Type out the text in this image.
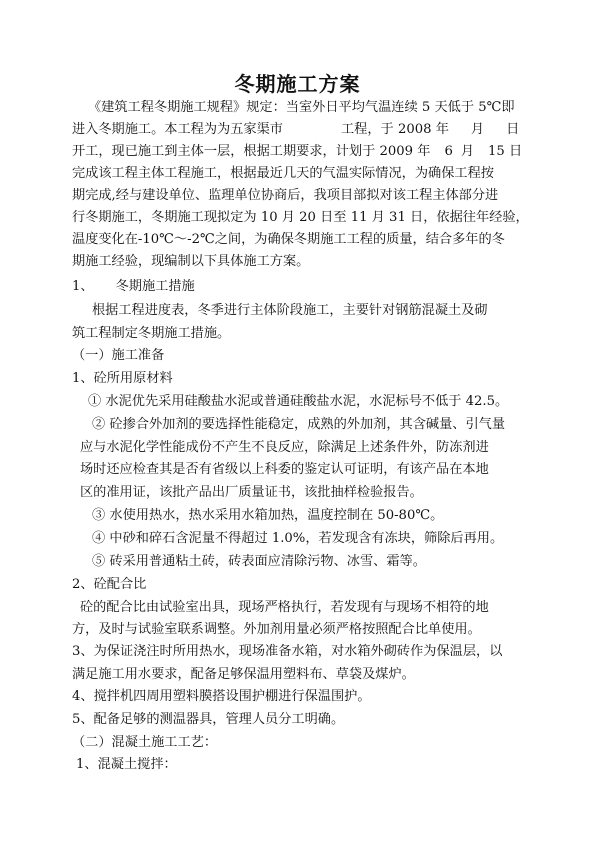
冬期施工方案

《建筑工程冬期施工规程》规定：当室外日平均气温连续 5 天低于 5℃即

进入冬期施工。本工程为为五家渠市	工程，于 2008 年 月 日

开工，现已施工到主体一层，根据工期要求，计划于 2009 年 6 月 15 日

完成该工程主体工程施工，根据最近几天的气温实际情况，为确保工程按

期完成,经与建设单位、监理单位协商后，我项目部拟对该工程主体部分进

行冬期施工，冬期施工现拟定为 10 月 20 日至 11 月 31 日，依据往年经验，

温度变化在-10℃～-2℃之间，为确保冬期施工工程的质量，结合多年的冬

期施工经验，现编制以下具体施工方案。

1、 冬期施工措施

根据工程进度表，冬季进行主体阶段施工，主要针对钢筋混凝土及砌

筑工程制定冬期施工措施。

（一）施工准备

1、砼所用原材料

① 水泥优先采用硅酸盐水泥或普通硅酸盐水泥，水泥标号不低于 42.5。

② 砼掺合外加剂的要选择性能稳定，成熟的外加剂，其含碱量、引气量

应与水泥化学性能成份不产生不良反应，除满足上述条件外，防冻剂进

场时还应检查其是否有省级以上科委的鉴定认可证明，有该产品在本地

区的准用证，该批产品出厂质量证书，该批抽样检验报告。

③ 水使用热水，热水采用水箱加热，温度控制在 50-80℃。

④ 中砂和碎石含泥量不得超过 1.0%，若发现含有冻块，筛除后再用。

⑤ 砖采用普通粘土砖，砖表面应清除污物、冰雪、霜等。

2、砼配合比

砼的配合比由试验室出具，现场严格执行，若发现有与现场不相符的地

方，及时与试验室联系调整。外加剂用量必须严格按照配合比单使用。

3、为保证浇注时所用热水，现场准备水箱，对水箱外砌砖作为保温层，以

满足施工用水要求，配备足够保温用塑料布、草袋及煤炉。

4、搅拌机四周用塑料膜搭设围护棚进行保温围护。

5、配备足够的测温器具，管理人员分工明确。

（二）混凝土施工工艺：

1、混凝土搅拌：
